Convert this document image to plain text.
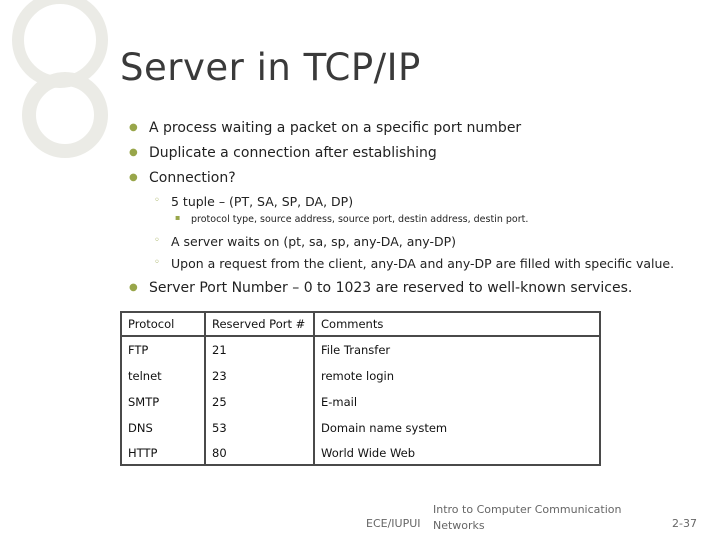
Server in TCP/IP
● A process waiting a packet on a specific port number
● Duplicate a connection after establishing
● Connection?
◦ 5 tuple – (PT, SA, SP, DA, DP)
▪ protocol type, source address, source port, destin address, destin port.
◦ A server waits on (pt, sa, sp, any-DA, any-DP)
◦ Upon a request from the client, any-DA and any-DP are filled with specific value.
● Server Port Number – 0 to 1023 are reserved to well-known services.
Protocol	Reserved Port #	Comments
FTP	21	File Transfer
telnet	23	remote login
SMTP	25	E-mail
DNS	53	Domain name system
HTTP	80	World Wide Web
ECE/IUPUI
Intro to Computer Communication Networks	2-37
